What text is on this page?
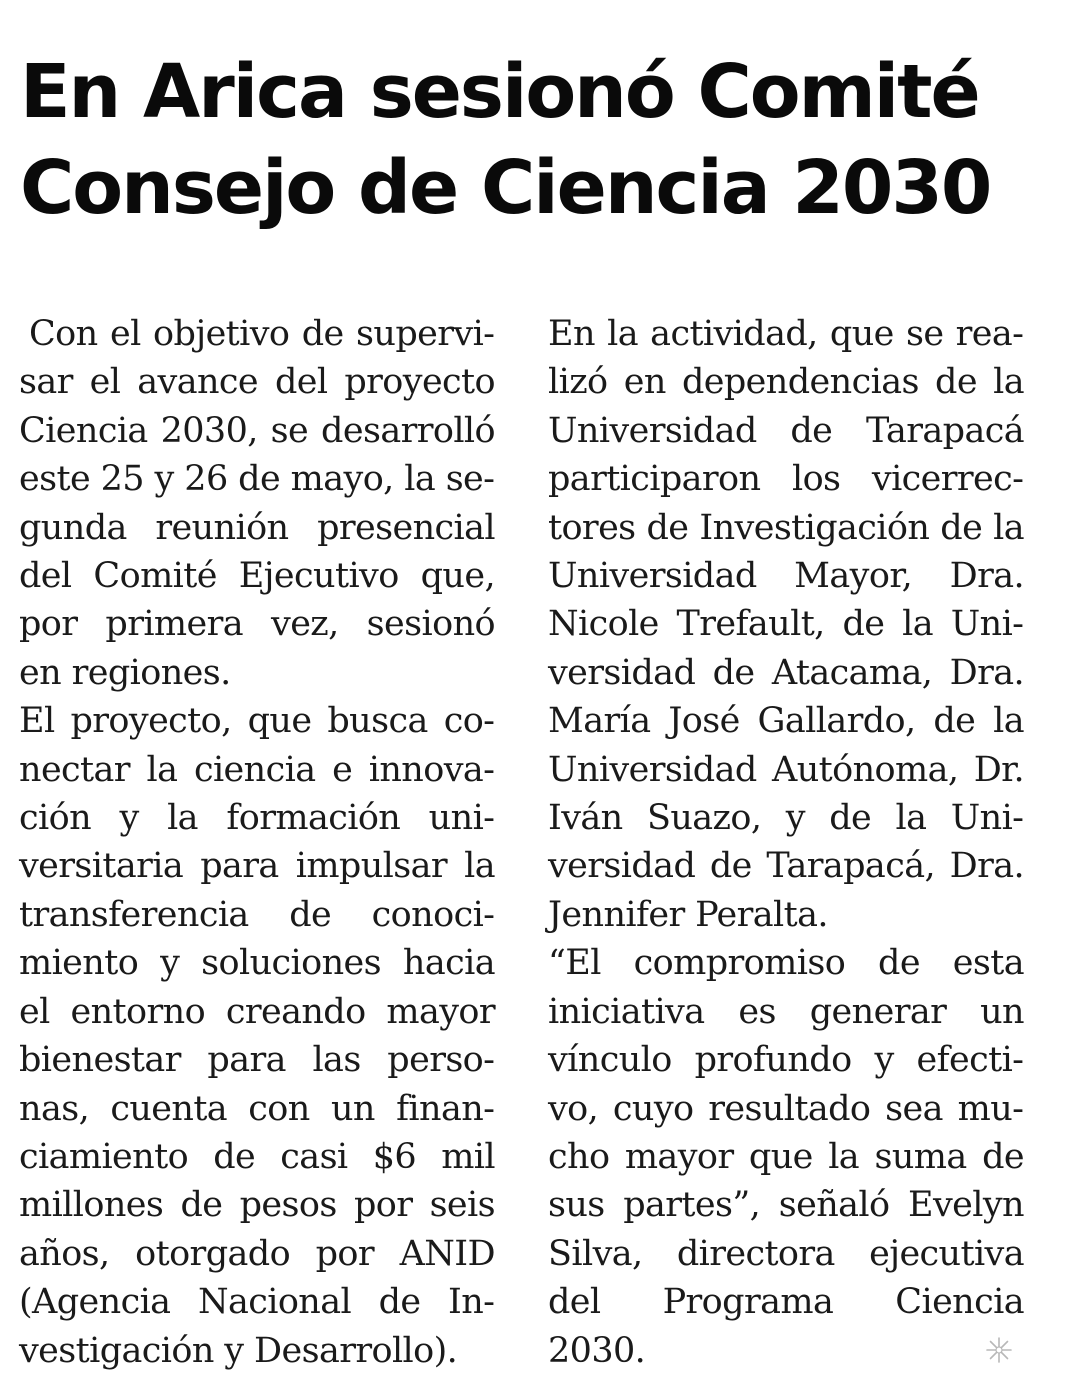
En Arica sesionó Comité
Consejo de Ciencia 2030

Con el objetivo de supervisar el avance del proyecto Ciencia 2030, se desarrolló este 25 y 26 de mayo, la segunda reunión presencial del Comité Ejecutivo que, por primera vez, sesionó en regiones.

El proyecto, que busca conectar la ciencia e innovación y la formación universitaria para impulsar la transferencia de conocimiento y soluciones hacia el entorno creando mayor bienestar para las personas, cuenta con un financiamiento de casi $6 mil millones de pesos por seis años, otorgado por ANID (Agencia Nacional de Investigación y Desarrollo).

En la actividad, que se realizó en dependencias de la Universidad de Tarapacá participaron los vicerrectores de Investigación de la Universidad Mayor, Dra. Nicole Trefault, de la Universidad de Atacama, Dra. María José Gallardo, de la Universidad Autónoma, Dr. Iván Suazo, y de la Universidad de Tarapacá, Dra. Jennifer Peralta.

“El compromiso de esta iniciativa es generar un vínculo profundo y efectivo, cuyo resultado sea mucho mayor que la suma de sus partes”, señaló Evelyn Silva, directora ejecutiva del Programa Ciencia 2030.
